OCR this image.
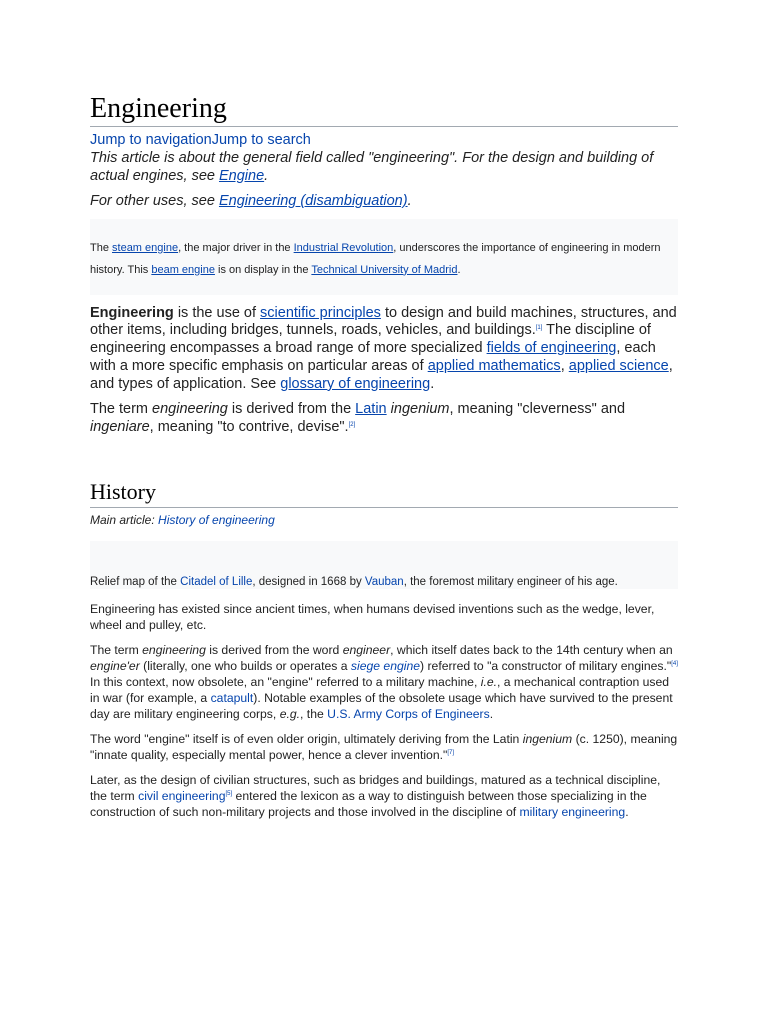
Engineering
Jump to navigationJump to search
This article is about the general field called "engineering". For the design and building of actual engines, see Engine.
For other uses, see Engineering (disambiguation).
The steam engine, the major driver in the Industrial Revolution, underscores the importance of engineering in modern history. This beam engine is on display in the Technical University of Madrid.

Engineering is the use of scientific principles to design and build machines, structures, and other items, including bridges, tunnels, roads, vehicles, and buildings.[1] The discipline of engineering encompasses a broad range of more specialized fields of engineering, each with a more specific emphasis on particular areas of applied mathematics, applied science, and types of application. See glossary of engineering.

The term engineering is derived from the Latin ingenium, meaning "cleverness" and ingeniare, meaning "to contrive, devise".[2]

History
Main article: History of engineering
Relief map of the Citadel of Lille, designed in 1668 by Vauban, the foremost military engineer of his age.

Engineering has existed since ancient times, when humans devised inventions such as the wedge, lever, wheel and pulley, etc.

The term engineering is derived from the word engineer, which itself dates back to the 14th century when an engine'er (literally, one who builds or operates a siege engine) referred to "a constructor of military engines."[4] In this context, now obsolete, an "engine" referred to a military machine, i.e., a mechanical contraption used in war (for example, a catapult). Notable examples of the obsolete usage which have survived to the present day are military engineering corps, e.g., the U.S. Army Corps of Engineers.

The word "engine" itself is of even older origin, ultimately deriving from the Latin ingenium (c. 1250), meaning "innate quality, especially mental power, hence a clever invention."[7]

Later, as the design of civilian structures, such as bridges and buildings, matured as a technical discipline, the term civil engineering[5] entered the lexicon as a way to distinguish between those specializing in the construction of such non-military projects and those involved in the discipline of military engineering.
